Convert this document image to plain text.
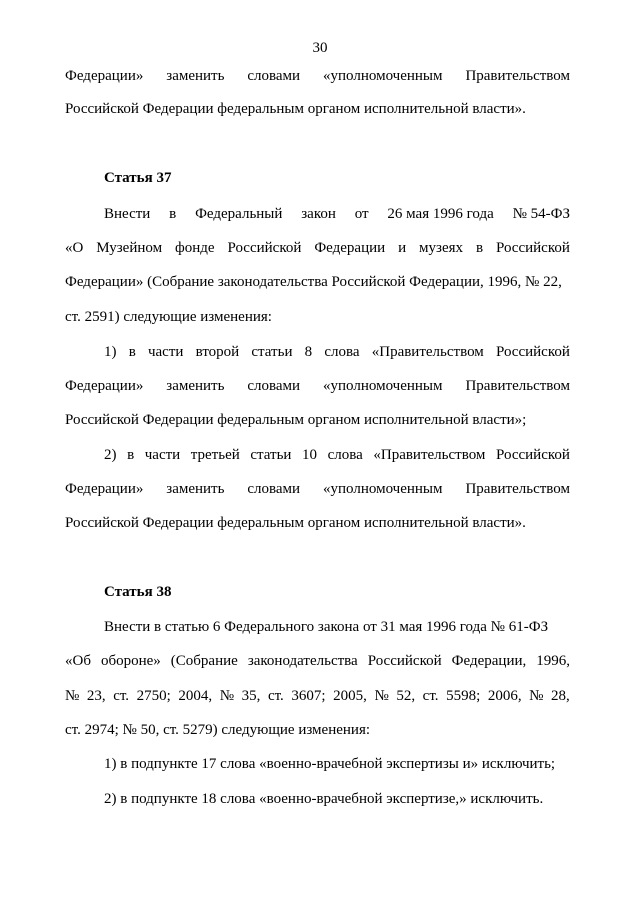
30
Федерации» заменить словами «уполномоченным Правительством
Российской Федерации федеральным органом исполнительной власти».
Статья 37
Внести в Федеральный закон от 26 мая 1996 года № 54-ФЗ
«О Музейном фонде Российской Федерации и музеях в Российской
Федерации» (Собрание законодательства Российской Федерации, 1996, № 22,
ст. 2591) следующие изменения:
1) в части второй статьи 8 слова «Правительством Российской
Федерации» заменить словами «уполномоченным Правительством
Российской Федерации федеральным органом исполнительной власти»;
2) в части третьей статьи 10 слова «Правительством Российской
Федерации» заменить словами «уполномоченным Правительством
Российской Федерации федеральным органом исполнительной власти».
Статья 38
Внести в статью 6 Федерального закона от 31 мая 1996 года № 61-ФЗ
«Об обороне» (Собрание законодательства Российской Федерации, 1996,
№ 23, ст. 2750; 2004, № 35, ст. 3607; 2005, № 52, ст. 5598; 2006, № 28,
ст. 2974; № 50, ст. 5279) следующие изменения:
1) в подпункте 17 слова «военно-врачебной экспертизы и» исключить;
2) в подпункте 18 слова «военно-врачебной экспертизе,» исключить.
